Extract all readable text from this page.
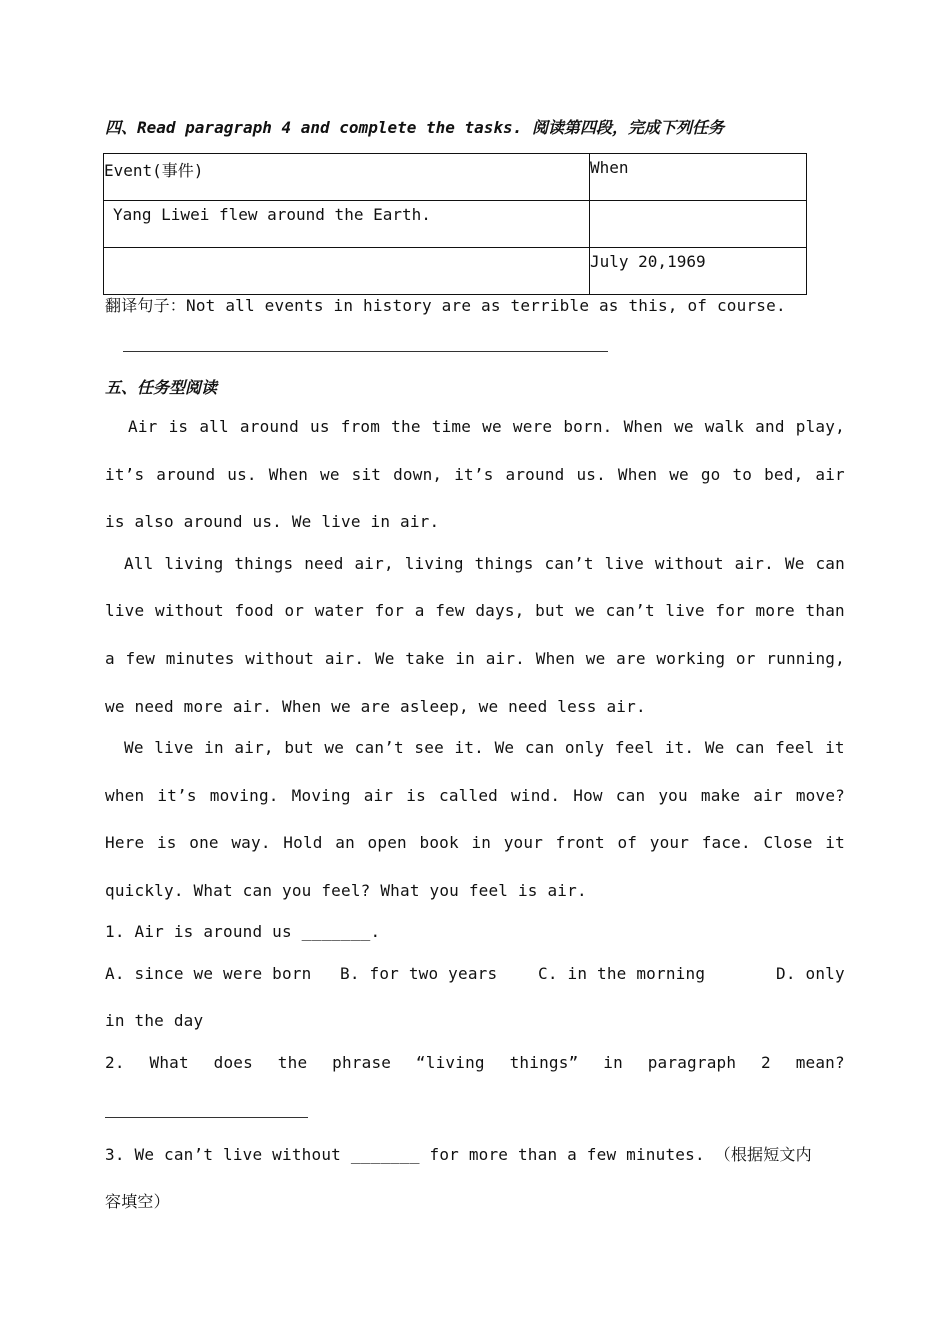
四、Read paragraph 4 and complete the tasks. 阅读第四段，完成下列任务
Event(事件)	When
Yang Liwei flew around the Earth.	
	July 20,1969
翻译句子：Not all events in history are as terrible as this, of course.
五、任务型阅读
Air is all around us from the time we were born. When we walk and play,
it’s around us. When we sit down, it’s around us. When we go to bed, air
is also around us. We live in air.
All living things need air, living things can’t live without air. We can
live without food or water for a few days, but we can’t live for more than
a few minutes without air. We take in air. When we are working or running,
we need more air. When we are asleep, we need less air.
We live in air, but we can’t see it. We can only feel it. We can feel it
when it’s moving. Moving air is called wind. How can you make air move?
Here is one way. Hold an open book in your front of your face. Close it
quickly. What can you feel? What you feel is air.
1. Air is around us _______.
A. since we were born B. for two years	C. in the morning	D. only
in the day
2. What does the phrase “living things” in paragraph 2 mean?
3. We can’t live without _______ for more than a few minutes. （根据短文内
容填空）
